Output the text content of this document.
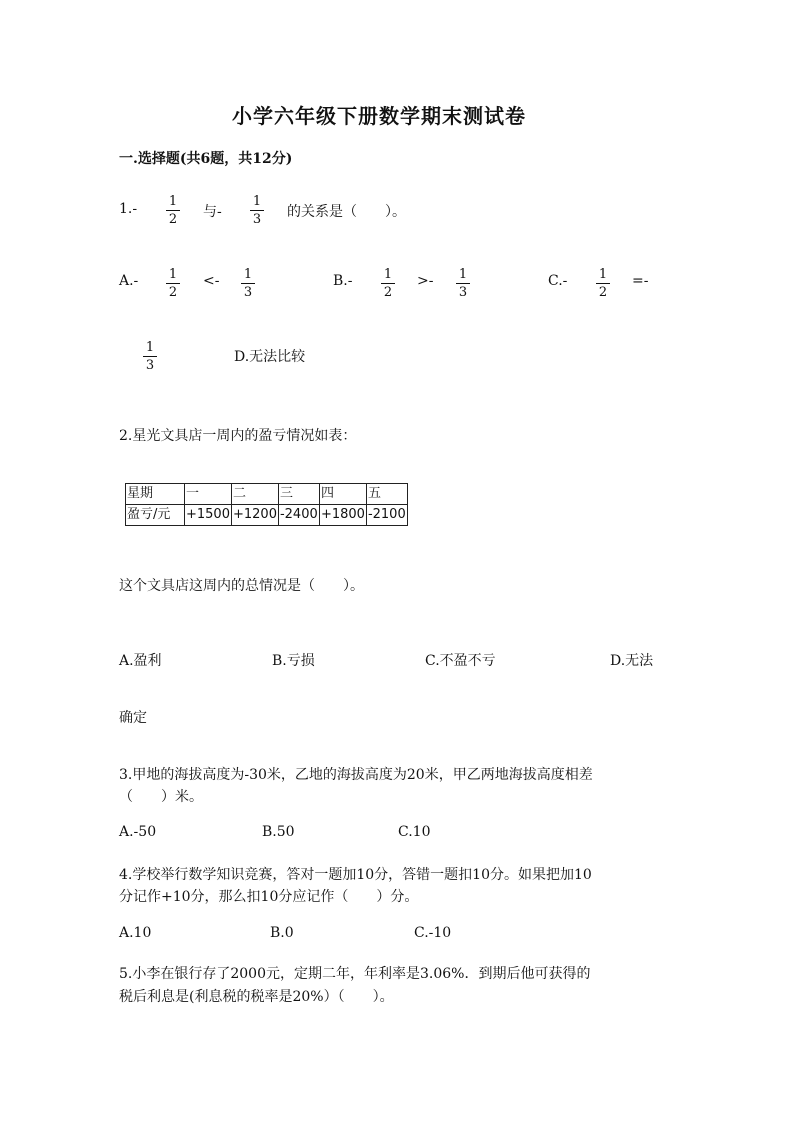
小学六年级下册数学期末测试卷
一.选择题(共6题，共12分)
1.- 1
2 与-
1
3 的关系是（　　）。
A.- 1
2
<- 1
3
B.- 1
2
>- 1
3
C.- 1
2
=-
1
3
D.无法比较
2.星光文具店一周内的盈亏情况如表：
星期	一	二	三	四	五
盈亏/元	+1500	+1200	-2400	+1800	-2100
这个文具店这周内的总情况是（　　）。
A.盈利	B.亏损	C.不盈不亏	D.无法
确定
3.甲地的海拔高度为-30米，乙地的海拔高度为20米，甲乙两地海拔高度相差
（　　）米。
A.-50	B.50	C.10
4.学校举行数学知识竞赛，答对一题加10分，答错一题扣10分。如果把加10
分记作+10分，那么扣10分应记作（　　）分。
A.10	B.0	C.-10
5.小李在银行存了2000元，定期二年，年利率是3.06%．到期后他可获得的
税后利息是(利息税的税率是20%）（　　）。
